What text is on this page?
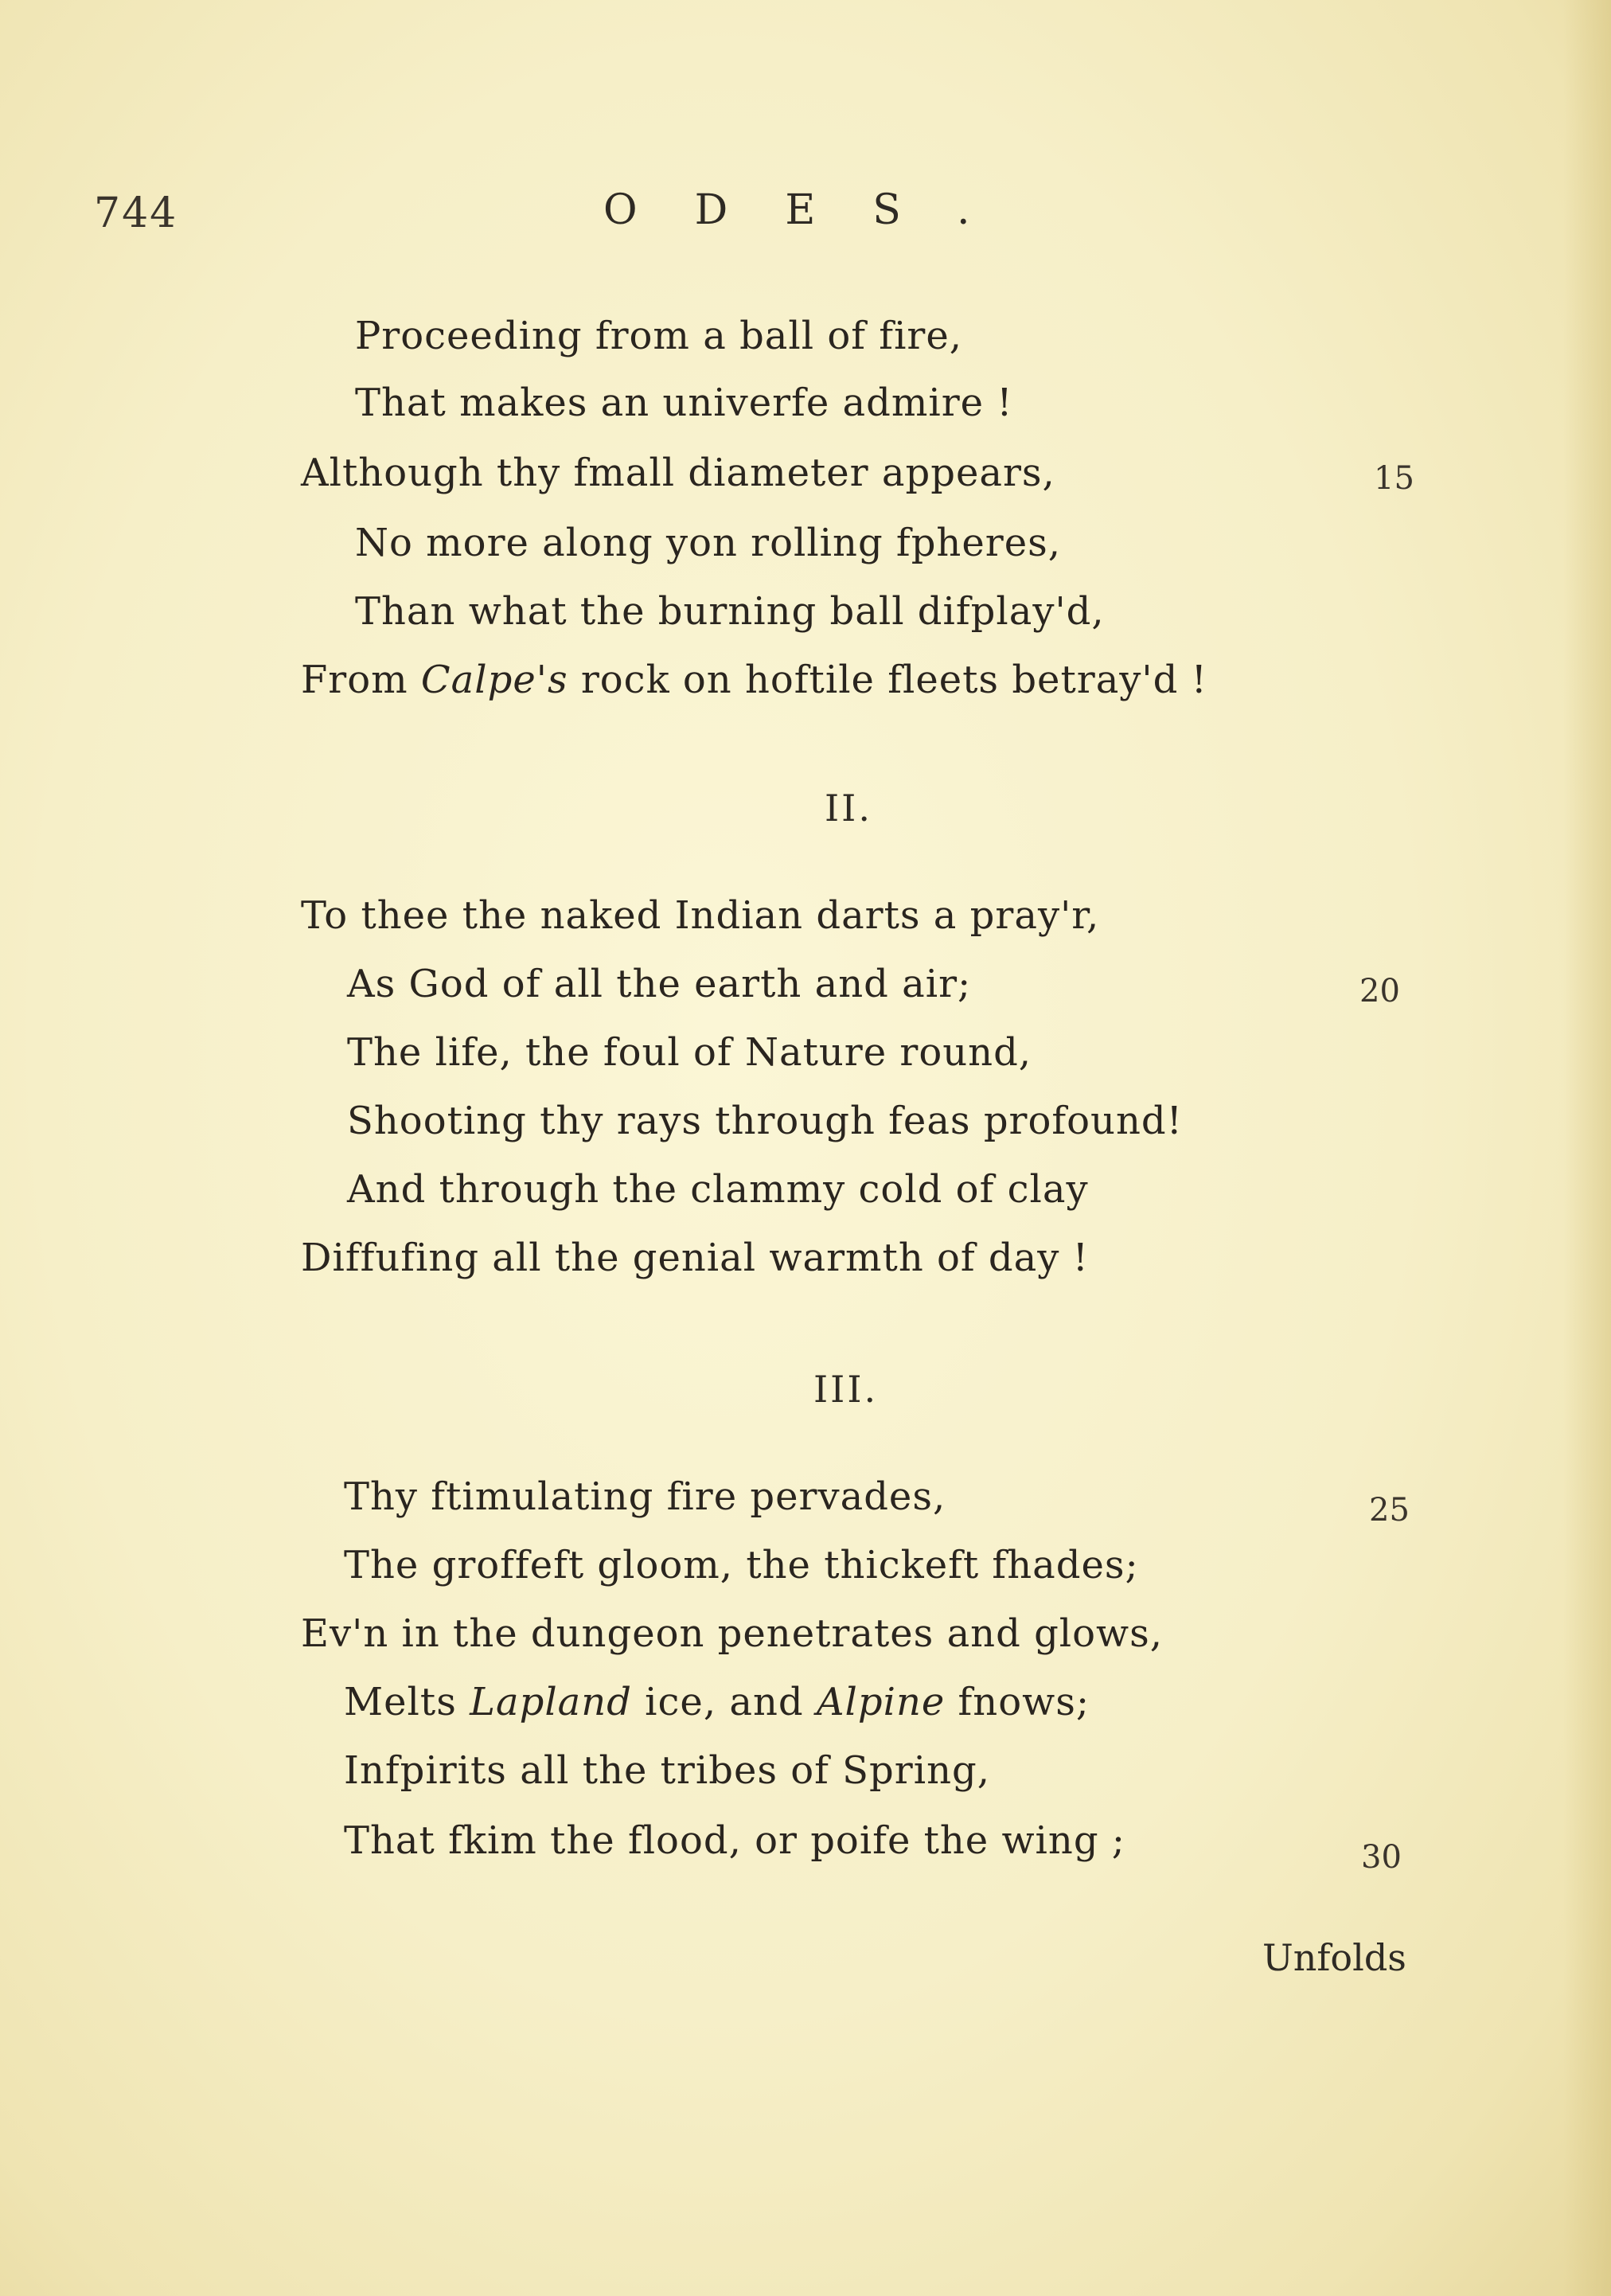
744	ODES.
Proceeding from a ball of fire,
That makes an univerfe admire !
Although thy fmall diameter appears,	15
No more along yon rolling fpheres,
Than what the burning ball difplay'd,
From Calpe's rock on hoftile fleets betray'd !
II.
To thee the naked Indian darts a pray'r,
As God of all the earth and air;	20
The life, the foul of Nature round,
Shooting thy rays through feas profound!
And through the clammy cold of clay
Diffufing all the genial warmth of day !
III.
Thy ftimulating fire pervades,	25
The groffeft gloom, the thickeft fhades;
Ev'n in the dungeon penetrates and glows,
Melts Lapland ice, and Alpine fnows;
Infpirits all the tribes of Spring,
That fkim the flood, or poife the wing ;	30
Unfolds
